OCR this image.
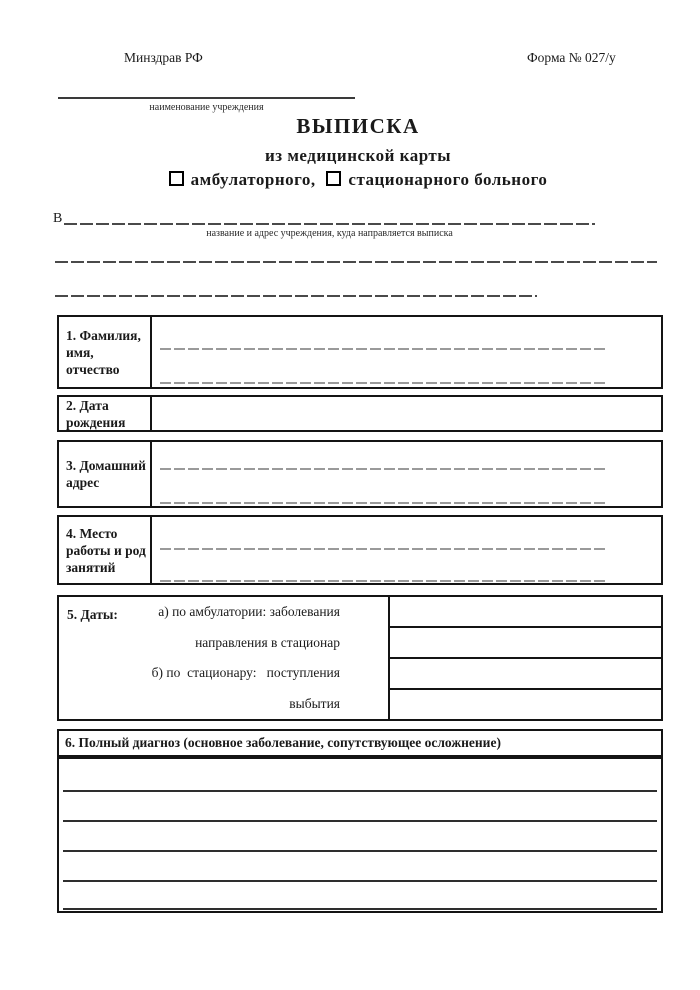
Минздрав РФ	Форма № 027/у
наименование учреждения
ВЫПИСКА
из медицинской карты
амбулаторного, стационарного больного
В
название и адрес учреждения, куда направляется выписка
1. Фамилия, имя, отчество
2. Дата рождения
3. Домашний адрес
4. Место работы и род занятий
5. Даты:	а) по амбулатории: заболевания
направления в стационар
б) по  стационару:   поступления
выбытия
6. Полный диагноз (основное заболевание, сопутствующее осложнение)
